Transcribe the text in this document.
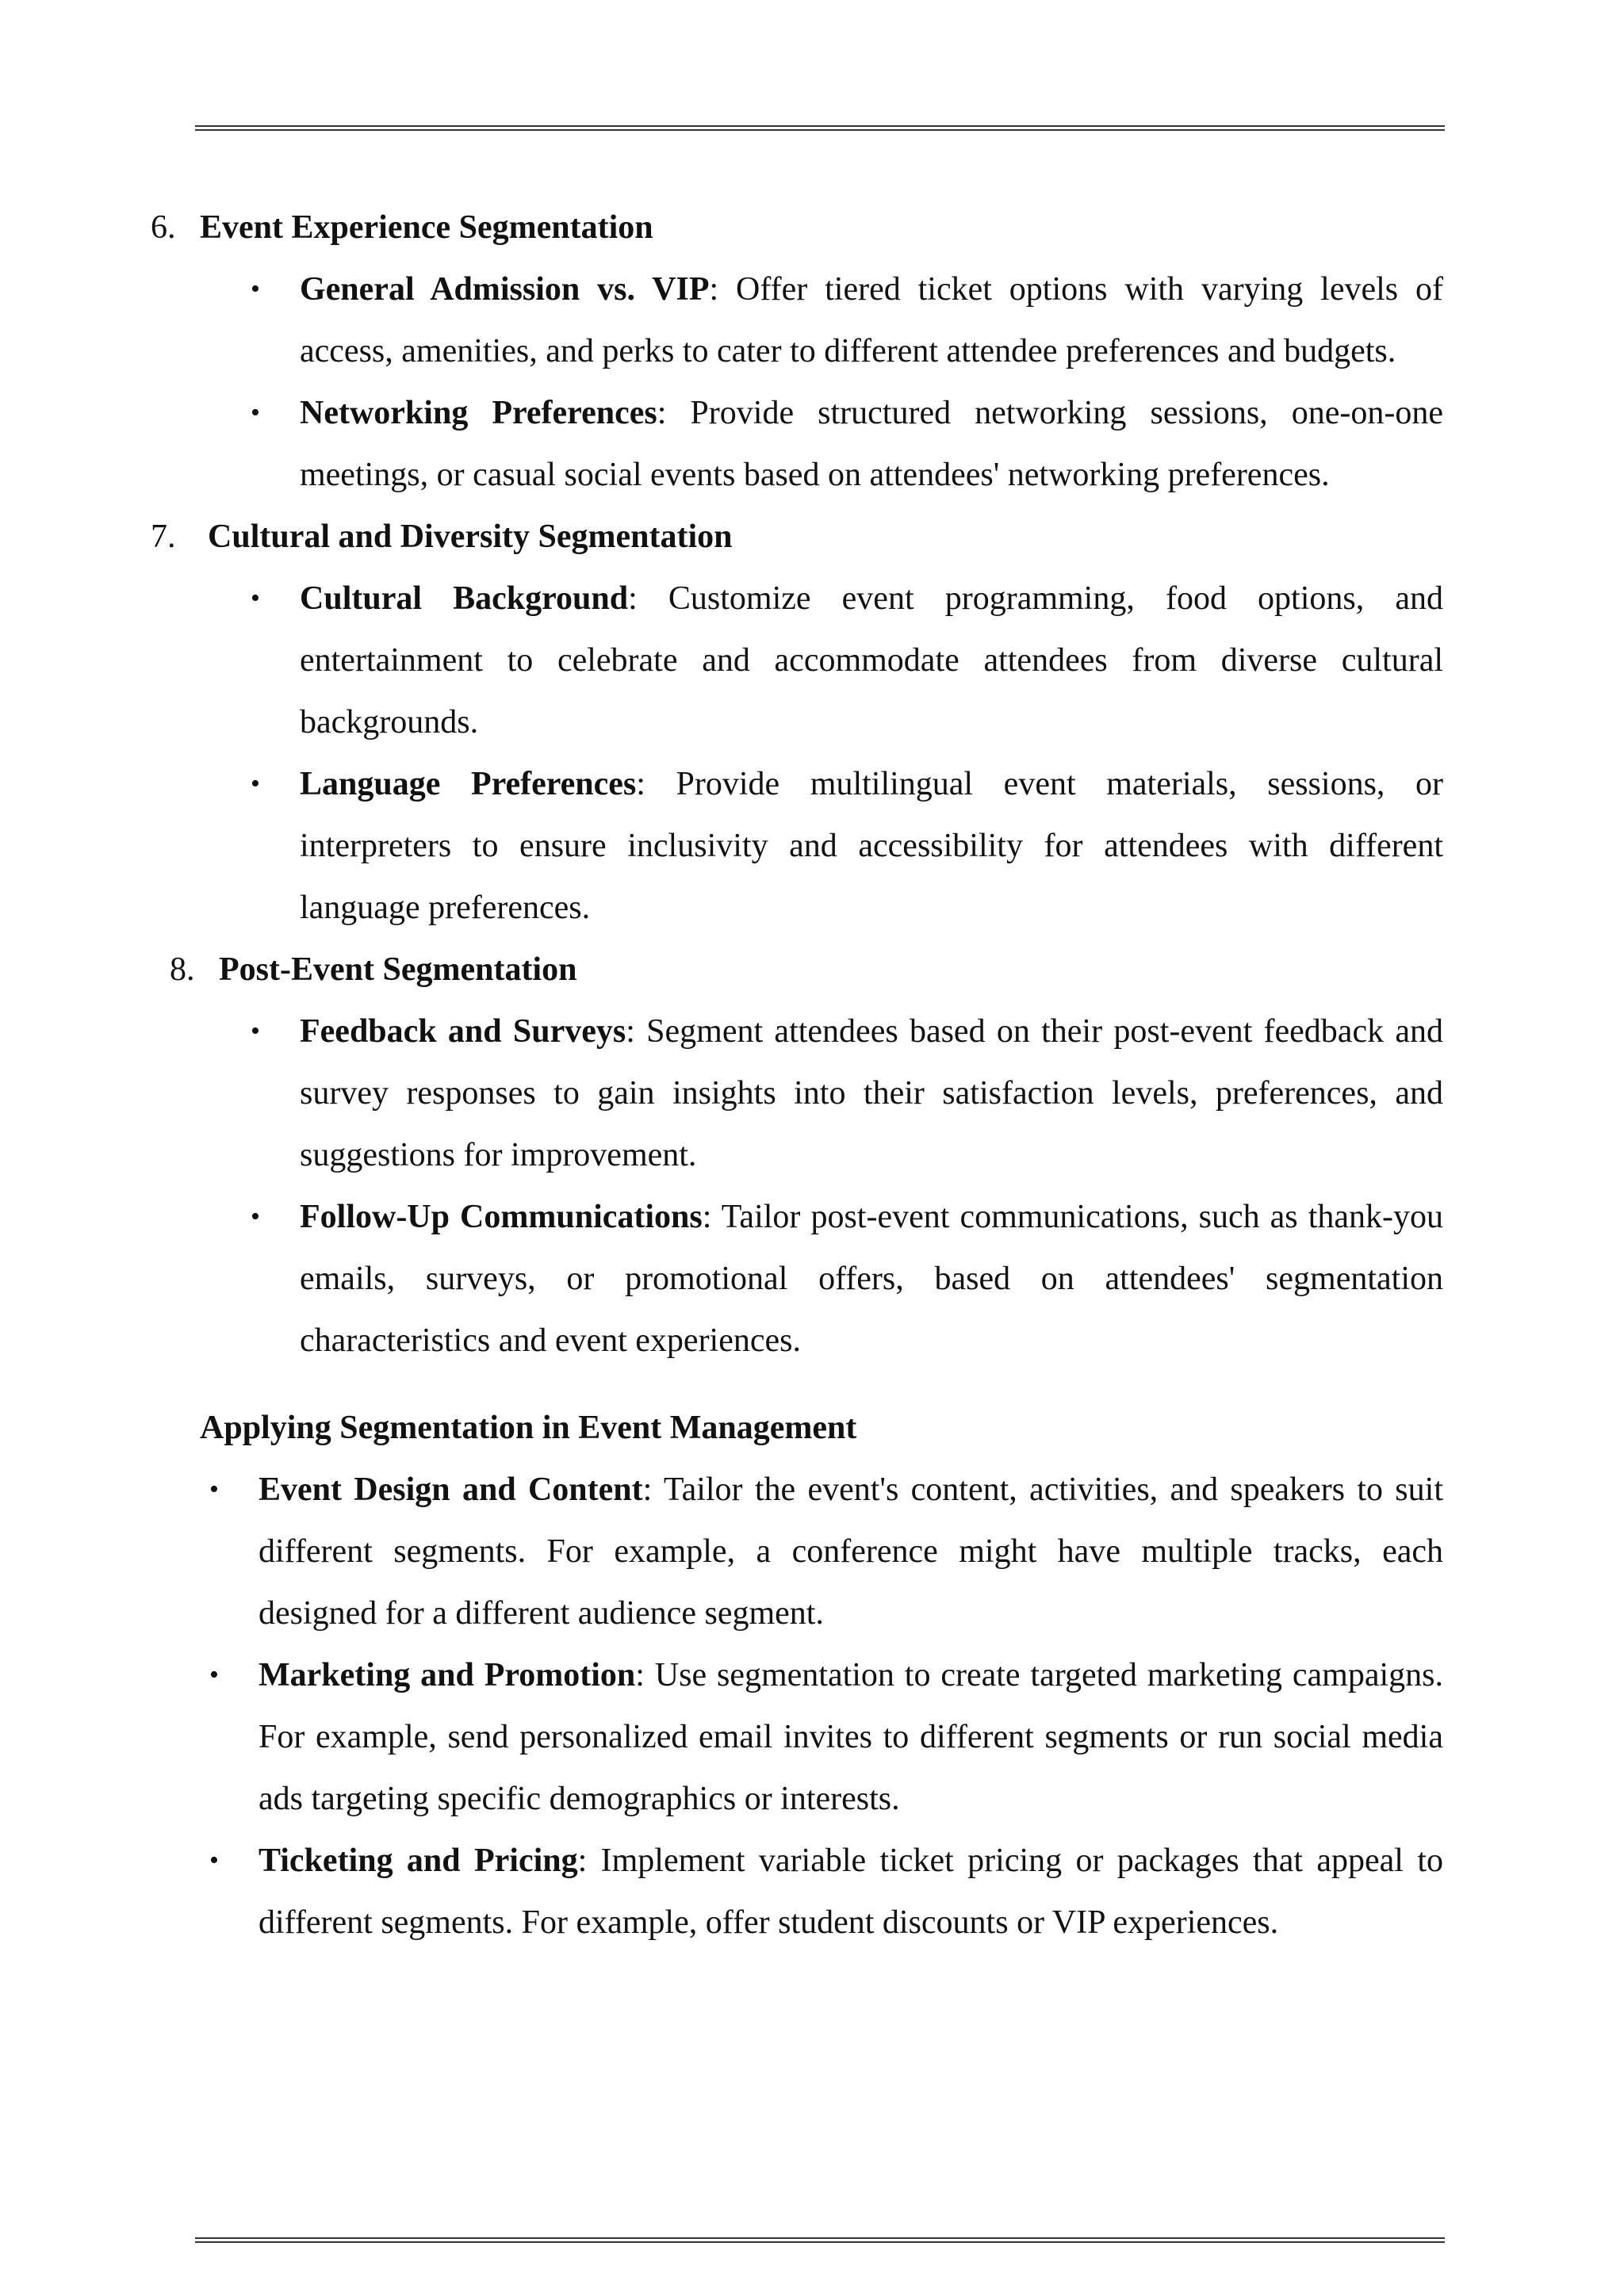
6. Event Experience Segmentation
• General Admission vs. VIP: Offer tiered ticket options with varying levels of access, amenities, and perks to cater to different attendee preferences and budgets.
• Networking Preferences: Provide structured networking sessions, one-on-one meetings, or casual social events based on attendees' networking preferences.
7. Cultural and Diversity Segmentation
• Cultural Background: Customize event programming, food options, and entertainment to celebrate and accommodate attendees from diverse cultural backgrounds.
• Language Preferences: Provide multilingual event materials, sessions, or interpreters to ensure inclusivity and accessibility for attendees with different language preferences.
8. Post-Event Segmentation
• Feedback and Surveys: Segment attendees based on their post-event feedback and survey responses to gain insights into their satisfaction levels, preferences, and suggestions for improvement.
• Follow-Up Communications: Tailor post-event communications, such as thank-you emails, surveys, or promotional offers, based on attendees' segmentation characteristics and event experiences.
Applying Segmentation in Event Management
• Event Design and Content: Tailor the event's content, activities, and speakers to suit different segments. For example, a conference might have multiple tracks, each designed for a different audience segment.
• Marketing and Promotion: Use segmentation to create targeted marketing campaigns. For example, send personalized email invites to different segments or run social media ads targeting specific demographics or interests.
• Ticketing and Pricing: Implement variable ticket pricing or packages that appeal to different segments. For example, offer student discounts or VIP experiences.
